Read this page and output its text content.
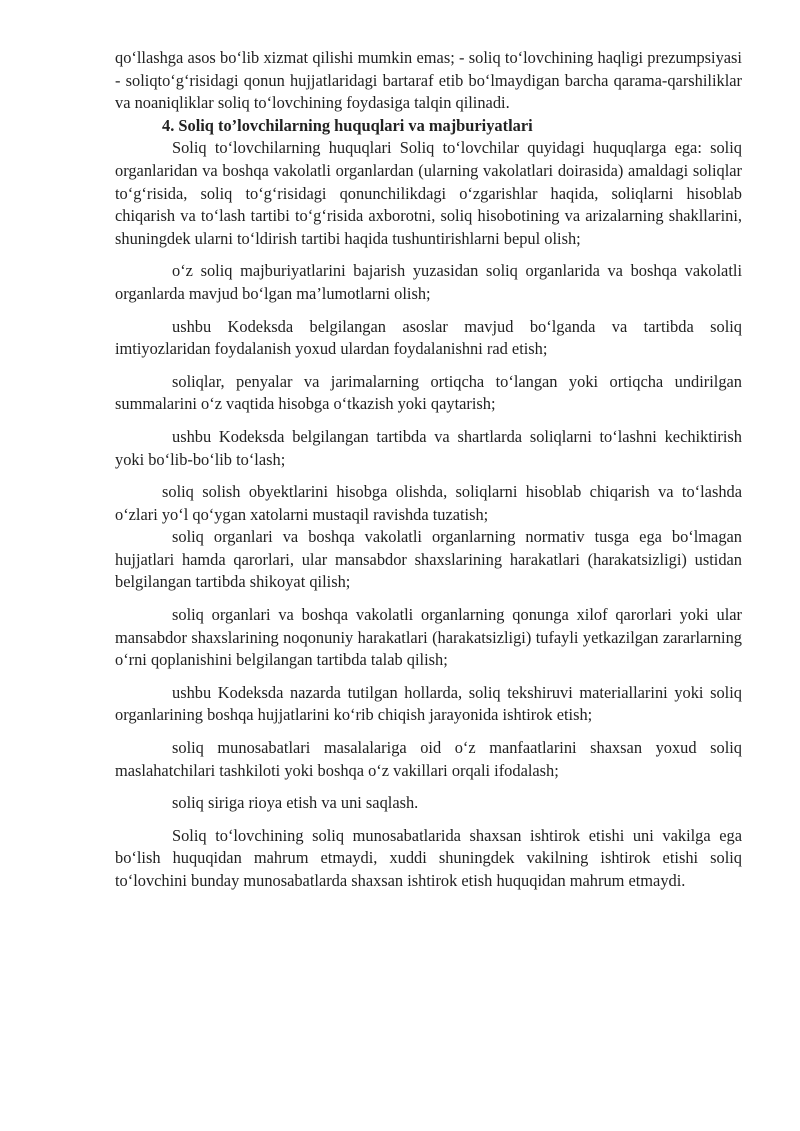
qo‘llashga asos bo‘lib xizmat qilishi mumkin emas; - soliq to‘lovchining haqligi prezumpsiyasi - soliqto‘g‘risidagi qonun hujjatlaridagi bartaraf etib bo‘lmaydigan barcha qarama-qarshiliklar va noaniqliklar soliq to‘lovchining foydasiga talqin qilinadi.

4. Soliq to’lovchilarning huquqlari va majburiyatlari

Soliq to‘lovchilarning huquqlari Soliq to‘lovchilar quyidagi huquqlarga ega: soliq organlaridan va boshqa vakolatli organlardan (ularning vakolatlari doirasida) amaldagi soliqlar to‘g‘risida, soliq to‘g‘risidagi qonunchilikdagi o‘zgarishlar haqida, soliqlarni hisoblab chiqarish va to‘lash tartibi to‘g‘risida axborotni, soliq hisobotining va arizalarning shakllarini, shuningdek ularni to‘ldirish tartibi haqida tushuntirishlarni bepul olish;

o‘z soliq majburiyatlarini bajarish yuzasidan soliq organlarida va boshqa vakolatli organlarda mavjud bo‘lgan ma’lumotlarni olish;

ushbu Kodeksda belgilangan asoslar mavjud bo‘lganda va tartibda soliq imtiyozlaridan foydalanish yoxud ulardan foydalanishni rad etish;

soliqlar, penyalar va jarimalarning ortiqcha to‘langan yoki ortiqcha undirilgan summalarini o‘z vaqtida hisobga o‘tkazish yoki qaytarish;

ushbu Kodeksda belgilangan tartibda va shartlarda soliqlarni to‘lashni kechiktirish yoki bo‘lib-bo‘lib to‘lash;

soliq solish obyektlarini hisobga olishda, soliqlarni hisoblab chiqarish va to‘lashda o‘zlari yo‘l qo‘ygan xatolarni mustaqil ravishda tuzatish;

soliq organlari va boshqa vakolatli organlarning normativ tusga ega bo‘lmagan hujjatlari hamda qarorlari, ular mansabdor shaxslarining harakatlari (harakatsizligi) ustidan belgilangan tartibda shikoyat qilish;

soliq organlari va boshqa vakolatli organlarning qonunga xilof qarorlari yoki ular mansabdor shaxslarining noqonuniy harakatlari (harakatsizligi) tufayli yetkazilgan zararlarning o‘rni qoplanishini belgilangan tartibda talab qilish;

ushbu Kodeksda nazarda tutilgan hollarda, soliq tekshiruvi materiallarini yoki soliq organlarining boshqa hujjatlarini ko‘rib chiqish jarayonida ishtirok etish;

soliq munosabatlari masalalariga oid o‘z manfaatlarini shaxsan yoxud soliq maslahatchilari tashkiloti yoki boshqa o‘z vakillari orqali ifodalash;

soliq siriga rioya etish va uni saqlash.

Soliq to‘lovchining soliq munosabatlarida shaxsan ishtirok etishi uni vakilga ega bo‘lish huquqidan mahrum etmaydi, xuddi shuningdek vakilning ishtirok etishi soliq to‘lovchini bunday munosabatlarda shaxsan ishtirok etish huquqidan mahrum etmaydi.
